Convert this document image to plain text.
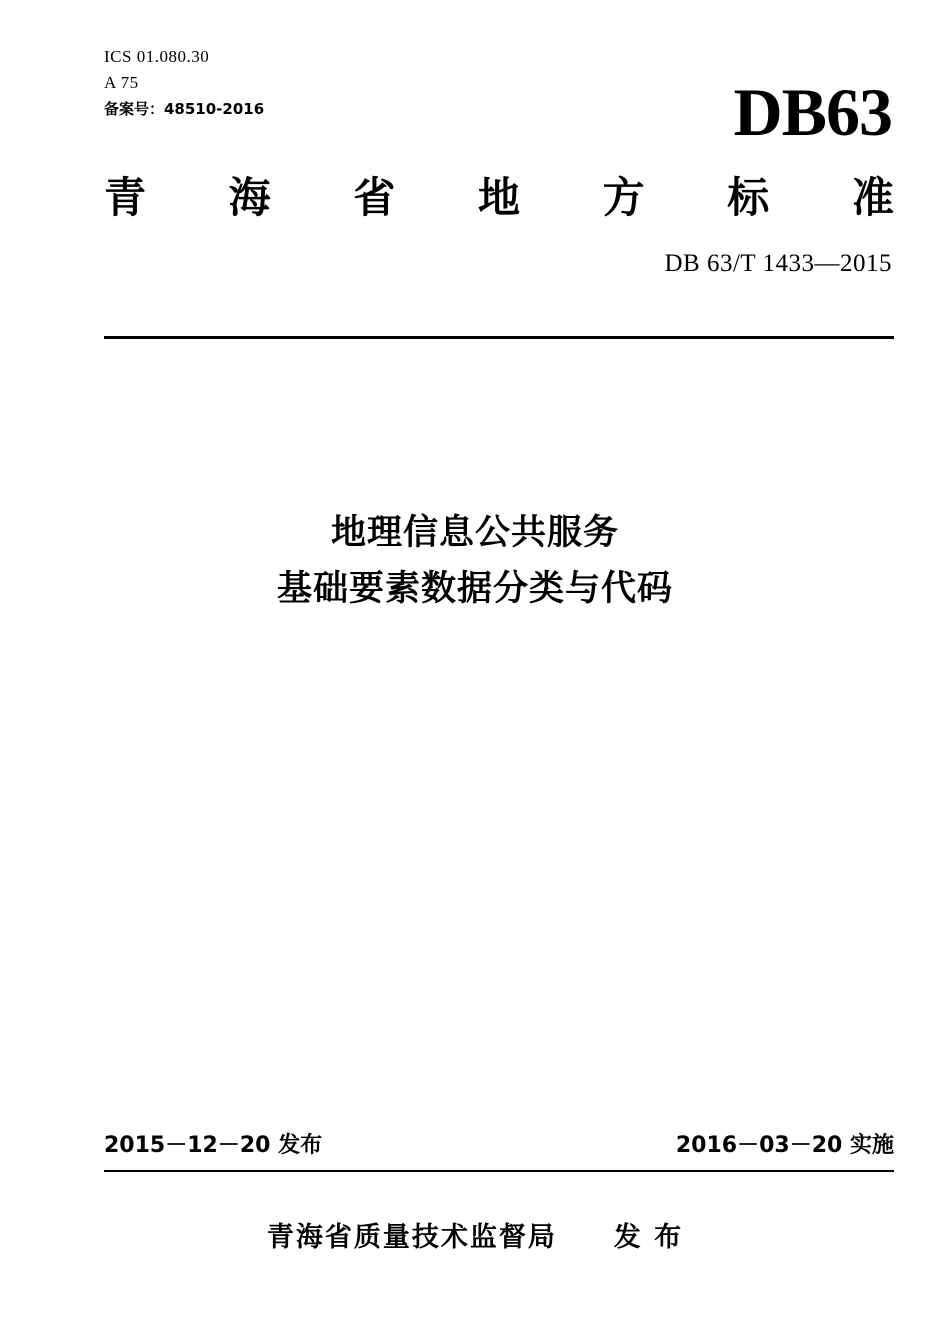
ICS 01.080.30
A 75
备案号：48510-2016	DB63
青 海 省 地 方 标 准
DB 63/T 1433—2015
地理信息公共服务
基础要素数据分类与代码
2015－12－20 发布	2016－03－20 实施
青海省质量技术监督局 发 布
